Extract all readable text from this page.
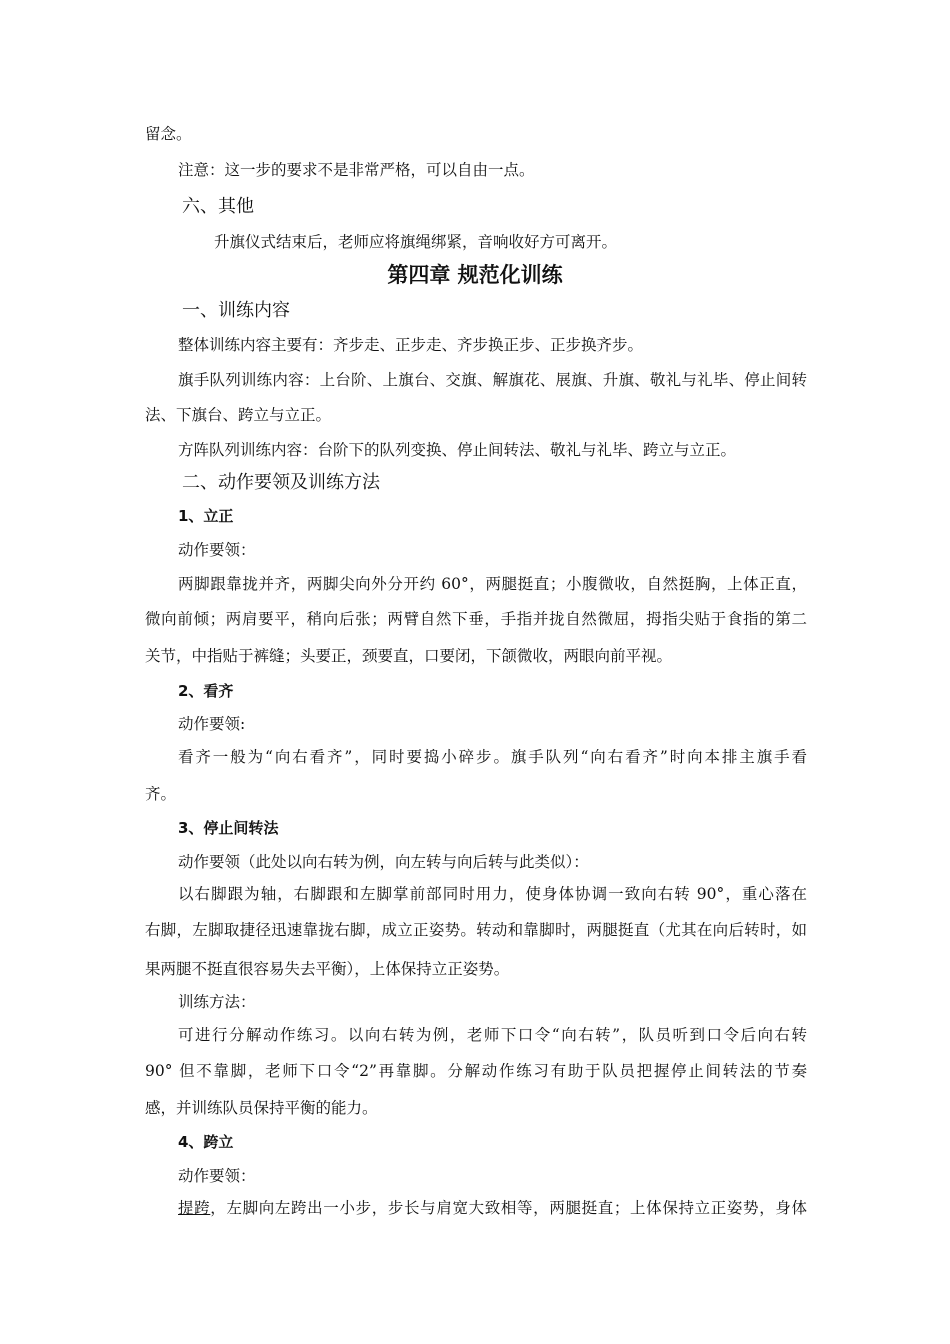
留念。
注意：这一步的要求不是非常严格，可以自由一点。
六、其他
升旗仪式结束后，老师应将旗绳绑紧，音响收好方可离开。
第四章 规范化训练
一、训练内容
整体训练内容主要有：齐步走、正步走、齐步换正步、正步换齐步。
旗手队列训练内容：上台阶、上旗台、交旗、解旗花、展旗、升旗、敬礼与礼毕、停止间转
法、下旗台、跨立与立正。
方阵队列训练内容：台阶下的队列变换、停止间转法、敬礼与礼毕、跨立与立正。
二、动作要领及训练方法
1、立正
动作要领：
两脚跟靠拢并齐，两脚尖向外分开约 60°，两腿挺直；小腹微收，自然挺胸，上体正直，
微向前倾；两肩要平，稍向后张；两臂自然下垂，手指并拢自然微屈，拇指尖贴于食指的第二
关节，中指贴于裤缝；头要正，颈要直，口要闭，下颌微收，两眼向前平视。
2、看齐
动作要领:
看齐一般为“向右看齐”，同时要捣小碎步。旗手队列“向右看齐”时向本排主旗手看
齐。
3、停止间转法
动作要领（此处以向右转为例，向左转与向后转与此类似）：
以右脚跟为轴，右脚跟和左脚掌前部同时用力，使身体协调一致向右转 90°，重心落在
右脚，左脚取捷径迅速靠拢右脚，成立正姿势。转动和靠脚时，两腿挺直（尤其在向后转时，如
果两腿不挺直很容易失去平衡），上体保持立正姿势。
训练方法：
可进行分解动作练习。以向右转为例，老师下口令“向右转”，队员听到口令后向右转
90° 但不靠脚，老师下口令“2”再靠脚。分解动作练习有助于队员把握停止间转法的节奏
感，并训练队员保持平衡的能力。
4、跨立
动作要领：
提跨，左脚向左跨出一小步，步长与肩宽大致相等，两腿挺直；上体保持立正姿势，身体
